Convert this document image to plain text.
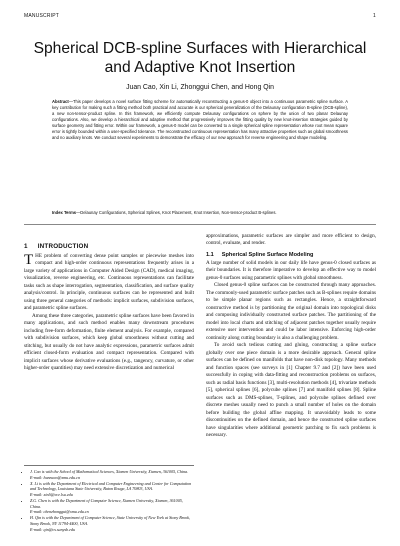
MANUSCRIPT	1
Spherical DCB-spline Surfaces with Hierarchical and Adaptive Knot Insertion
Juan Cao, Xin Li, Zhonggui Chen, and Hong Qin
Abstract—This paper develops a novel surface fitting scheme for automatically reconstructing a genus-0 object into a continuous parametric spline surface. A key contribution for making such a fitting method both practical and accurate is our spherical generalization of the Delaunay configuration B-spline (DCB-spline), a new non-tensor-product spline. In this framework, we efficiently compute Delaunay configurations on sphere by the union of two planar Delaunay configurations. Also, we develop a hierarchical and adaptive method that progressively improves the fitting quality by new knot-insertion strategies guided by surface geometry and fitting error. Within our framework, a genus-0 model can be converted to a single spherical spline representation whose root mean square error is tightly bounded within a user-specified tolerance. The reconstructed continuous representation has many attractive properties such as global smoothness and no auxiliary knots. We conduct several experiments to demonstrate the efficacy of our new approach for reverse engineering and shape modeling.
Index Terms—Delaunay Configurations, Spherical Splines, Knot Placement, Knot Insertion, Non-tensor-product B-splines.
1 INTRODUCTION

THE problem of converting dense point samples or piecewise meshes into compact and high-order continuous representations frequently arises in a large variety of applications in Computer Aided Design (CAD), medical imaging, visualization, reverse engineering, etc. Continuous representations can facilitate tasks such as shape interrogation, segmentation, classification, and surface quality analysis/control. In principle, continuous surfaces can be represented and built using three general categories of methods: implicit surfaces, subdivision surfaces, and parametric spline surfaces.

Among these three categories, parametric spline surfaces have been favored in many applications, and such method enables many downstream procedures including free-form deformation, finite element analysis. For example, compared with subdivision surfaces, which keep global smoothness without cutting and stitching, but usually do not have analytic expressions, parametric surfaces admit efficient closed-form evaluation and compact representation. Compared with implicit surfaces whose derivative evaluations (e.g., tangency, curvature, or other higher-order quantities) may need extensive discretization and numerical

approximations, parametric surfaces are simpler and more efficient to design, control, evaluate, and render.

1.1 Spherical Spline Surface Modeling

A large number of solid models in our daily life have genus-0 closed surfaces as their boundaries. It is therefore imperative to develop an effective way to model genus-0 surfaces using parametric splines with global smoothness.

Closed genus-0 spline surfaces can be constructed through many approaches. The commonly-used parametric surface patches such as B-splines require domains to be simple planar regions such as rectangles. Hence, a straightforward constructive method is by partitioning the original domain into topological disks and composing individually constructed surface patches. The partitioning of the model into local charts and stitching of adjacent patches together usually require extensive user intervention and could be labor intensive. Enforcing high-order continuity along cutting boundary is also a challenging problem.

To avoid such tedious cutting and gluing, constructing a spline surface globally over one piece domain is a more desirable approach. General spline surfaces can be defined on manifolds that have non-disk topology. Many methods and function spaces (see surveys in [1] Chapter 9.7 and [2]) have been used successfully in coping with data-fitting and reconstruction problems on surfaces, such as radial basis functions [3], multi-resolution methods [4], trivariate methods [5], spherical splines [6], polycube splines [7] and manifold splines [8]. Spline surfaces such as DMS-splines, T-splines, and polycube splines defined over discrete meshes usually need to punch a small number of holes on the domain before building the global affine mapping. It unavoidably leads to some discontinuities on the defined domain, and hence the constructed spline surfaces have singularities where additional geometric patching to fix such problems is necessary.

• J. Cao is with the School of Mathematical Sciences, Xiamen University, Xiamen, 361005, China.
E-mail: hunncao@xmu.edu.cn
• X. Li is with the Department of Electrical and Computer Engineering and Center for Computation and Technology, Louisiana State University, Baton Rouge, LA 70803, USA.
E-mail: xinli@ece.lsu.edu
• Z.G. Chen is with the Department of Computer Science, Xiamen University, Xiamen, 361005, China.
E-mail: chenzhonggui@xmu.edu.cn
• H. Qin is with the Department of Computer Science, State University of New York at Stony Brook, Stony Brook, NY 11794-4400, USA.
E-mail: qin@cs.sunysb.edu
